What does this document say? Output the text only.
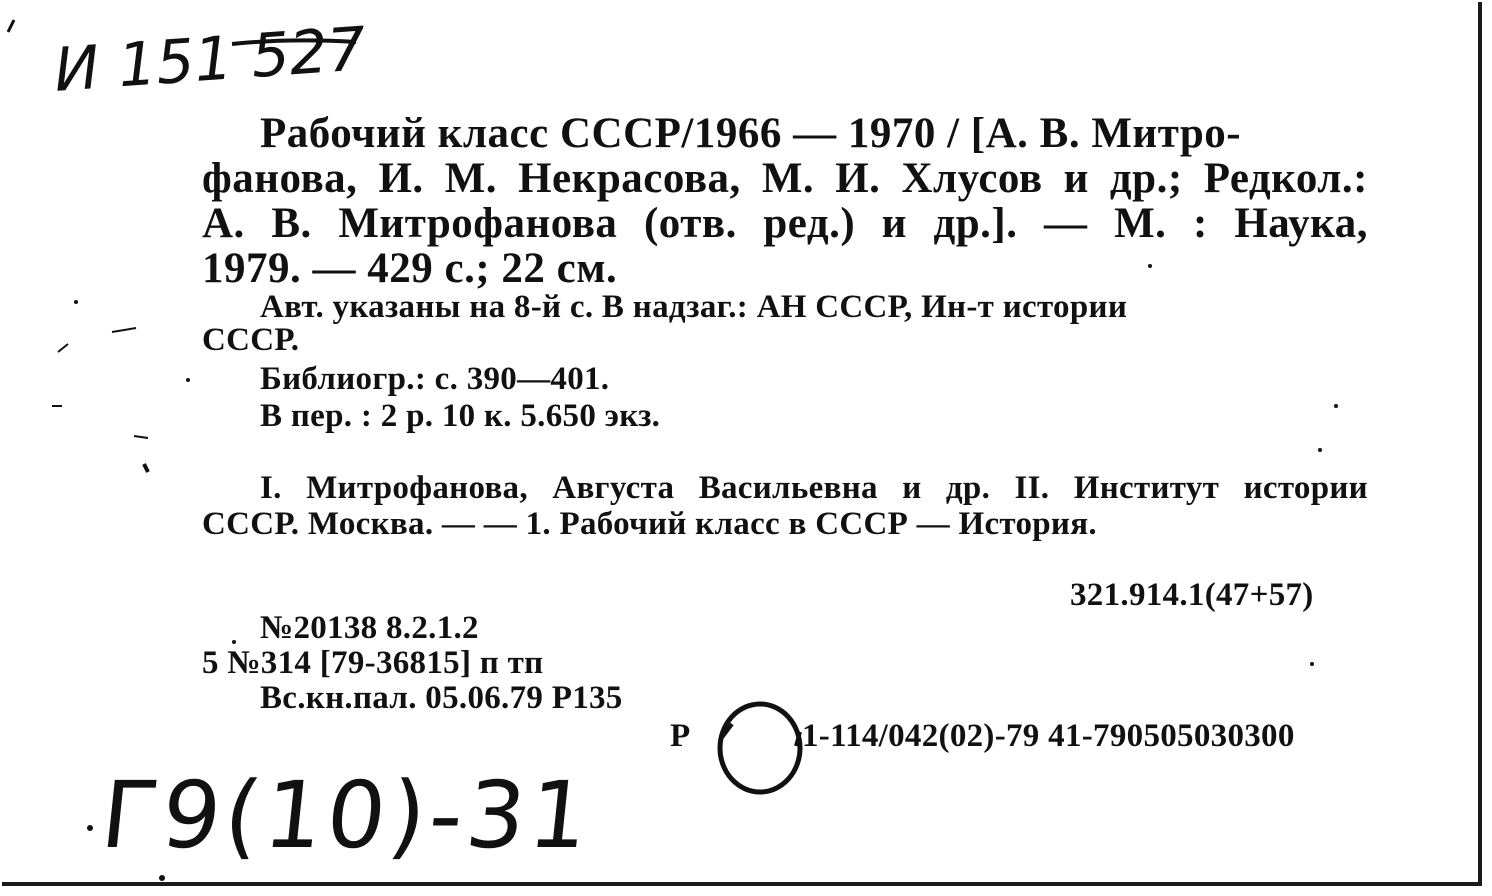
И 151 527
Рабочий класс СССР/1966 — 1970 / [А. В. Митро-
фанова, И. М. Некрасова, М. И. Хлусов и др.; Редкол.:
А. В. Митрофанова (отв. ред.) и др.]. — М. : Наука,
1979. — 429 с.; 22 см.
Авт. указаны на 8-й с. В надзаг.: АН СССР, Ин-т истории
СССР.
Библиогр.: с. 390—401.
В пер. : 2 р. 10 к. 5.650 экз.
I. Митрофанова, Августа Васильевна и др. II. Институт истории
СССР. Москва. — — 1. Рабочий класс в СССР — История.
321.914.1(47+57)
№20138 8.2.1.2
5 №314 [79-36815] п тп
Вс.кн.пал. 05.06.79 Р135
Р	1-114/042(02)-79 41-790505030300
Г9(10)-31
